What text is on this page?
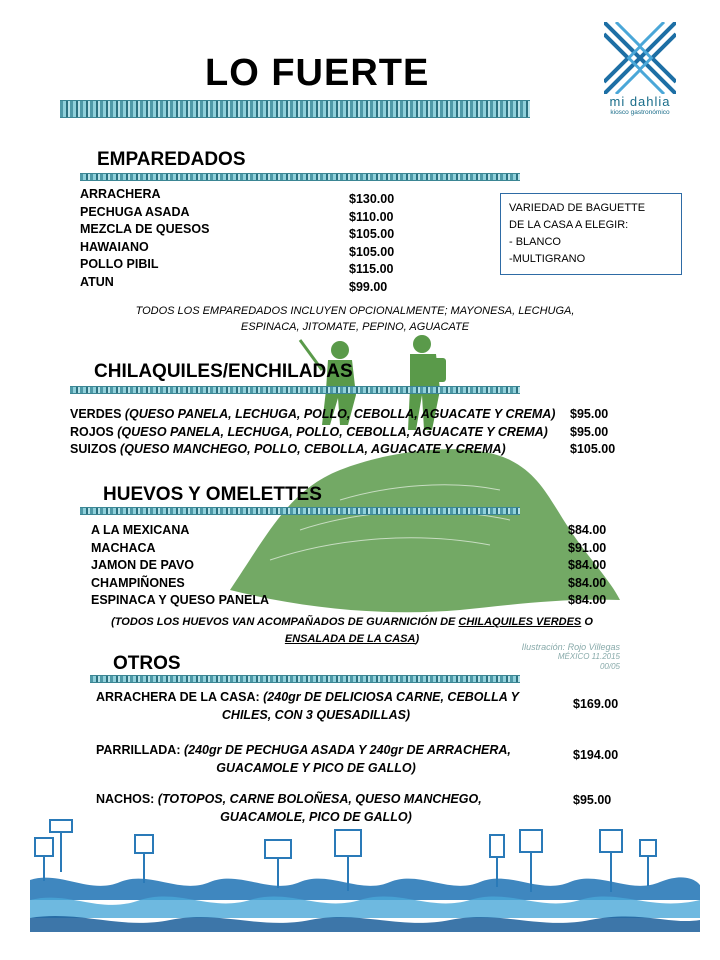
LO FUERTE
mi dahlia
kiosco gastronómico
EMPAREDADOS
ARRACHERA
PECHUGA ASADA
MEZCLA DE QUESOS
HAWAIANO
POLLO PIBIL
ATUN
$130.00
$110.00
$105.00
$105.00
$115.00
$99.00
VARIEDAD DE BAGUETTE
DE LA CASA A ELEGIR:
- BLANCO
-MULTIGRANO
TODOS LOS EMPAREDADOS INCLUYEN OPCIONALMENTE; MAYONESA, LECHUGA,
ESPINACA, JITOMATE, PEPINO, AGUACATE
CHILAQUILES/ENCHILADAS
VERDES (QUESO PANELA, LECHUGA, POLLO, CEBOLLA, AGUACATE Y CREMA)
ROJOS (QUESO PANELA, LECHUGA, POLLO, CEBOLLA, AGUACATE Y CREMA)
SUIZOS (QUESO MANCHEGO, POLLO, CEBOLLA, AGUACATE Y CREMA)
$95.00
$95.00
$105.00
HUEVOS Y OMELETTES
A LA MEXICANA
MACHACA
JAMON DE PAVO
CHAMPIÑONES
ESPINACA Y QUESO PANELA
$84.00
$91.00
$84.00
$84.00
$84.00
(TODOS LOS HUEVOS VAN ACOMPAÑADOS DE GUARNICIÓN DE CHILAQUILES VERDES O
ENSALADA DE LA CASA)
Ilustración: Rojo Villegas
MÉXICO 11.2015
00/05
OTROS
ARRACHERA DE LA CASA: (240gr DE DELICIOSA CARNE, CEBOLLA Y
CHILES, CON 3 QUESADILLAS)
$169.00
PARRILLADA: (240gr DE PECHUGA ASADA Y 240gr DE ARRACHERA,
GUACAMOLE Y PICO DE GALLO)
$194.00
NACHOS: (TOTOPOS, CARNE BOLOÑESA, QUESO MANCHEGO,
GUACAMOLE, PICO DE GALLO)
$95.00
